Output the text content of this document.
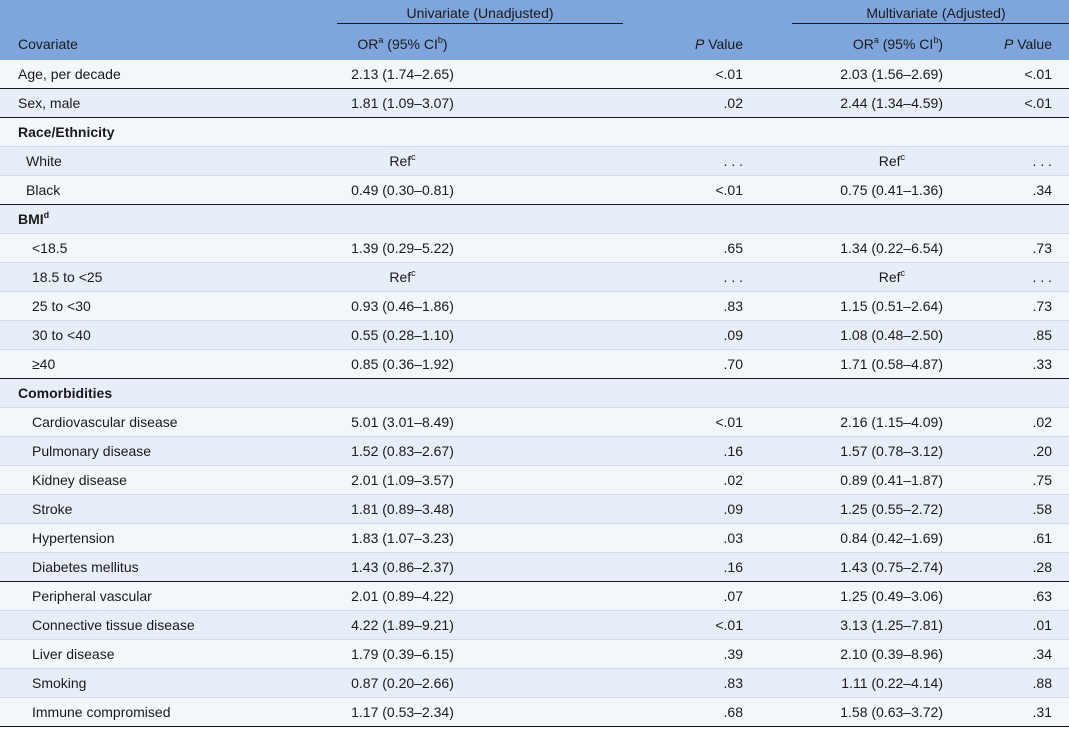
	Univariate (Unadjusted)		Multivariate (Adjusted)	
Covariate	$OR^a$ (95% $CI^b$)	P Value	$OR^a$ (95% $CI^b$)	P Value
Age, per decade	2.13 (1.74–2.65)	<.01	2.03 (1.56–2.69)	<.01
Sex, male	1.81 (1.09–3.07)	.02	2.44 (1.34–4.59)	<.01
Race/Ethnicity				
White	Ref$^c$	. . .	Ref$^c$	. . .
Black	0.49 (0.30–0.81)	<.01	0.75 (0.41–1.36)	.34
$BMI^d$
<18.5	1.39 (0.29–5.22)	.65	1.34 (0.22–6.54)	.73
18.5 to <25	Ref$^c$	. . .	Ref$^c$	. . .
25 to <30	0.93 (0.46–1.86)	.83	1.15 (0.51–2.64)	.73
30 to <40	0.55 (0.28–1.10)	.09	1.08 (0.48–2.50)	.85
≥40	0.85 (0.36–1.92)	.70	1.71 (0.58–4.87)	.33
Comorbidities				
Cardiovascular disease	5.01 (3.01–8.49)	<.01	2.16 (1.15–4.09)	.02
Pulmonary disease	1.52 (0.83–2.67)	.16	1.57 (0.78–3.12)	.20
Kidney disease	2.01 (1.09–3.57)	.02	0.89 (0.41–1.87)	.75
Stroke	1.81 (0.89–3.48)	.09	1.25 (0.55–2.72)	.58
Hypertension	1.83 (1.07–3.23)	.03	0.84 (0.42–1.69)	.61
Diabetes mellitus	1.43 (0.86–2.37)	.16	1.43 (0.75–2.74)	.28
Peripheral vascular	2.01 (0.89–4.22)	.07	1.25 (0.49–3.06)	.63
Connective tissue disease	4.22 (1.89–9.21)	<.01	3.13 (1.25–7.81)	.01
Liver disease	1.79 (0.39–6.15)	.39	2.10 (0.39–8.96)	.34
Smoking	0.87 (0.20–2.66)	.83	1.11 (0.22–4.14)	.88
Immune compromised	1.17 (0.53–2.34)	.68	1.58 (0.63–3.72)	.31
